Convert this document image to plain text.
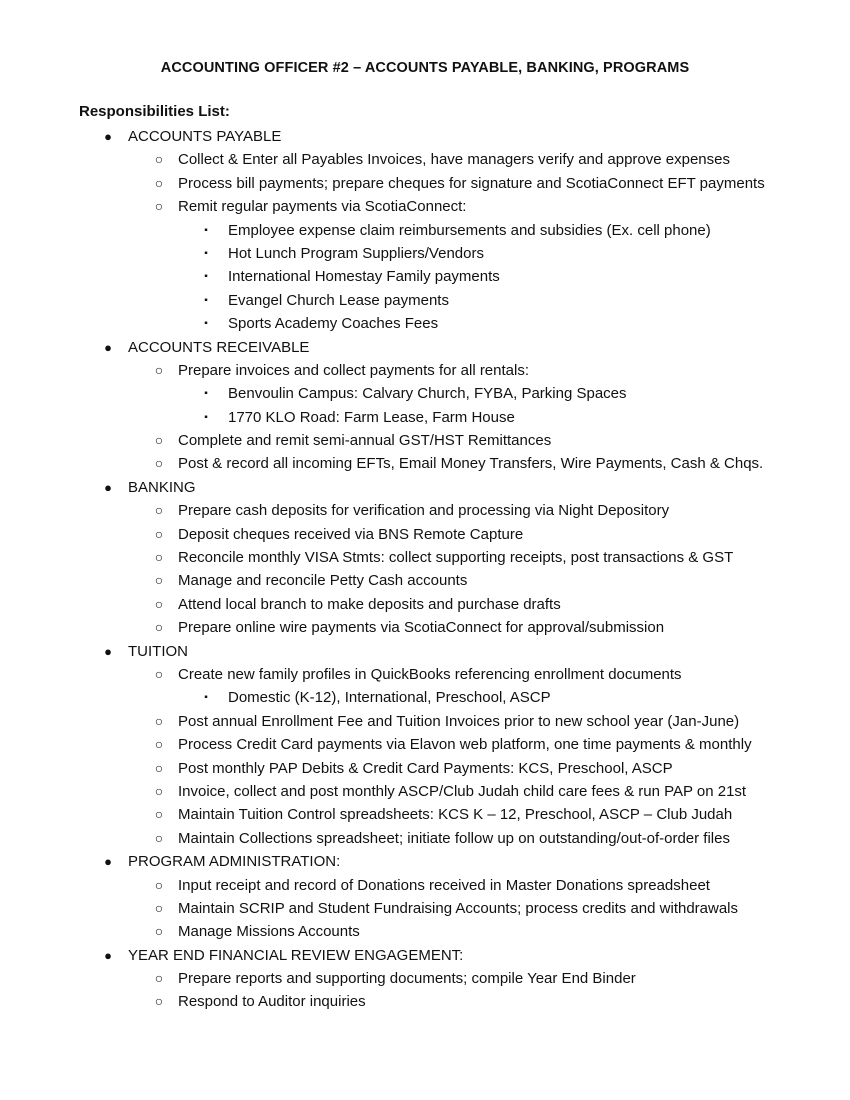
ACCOUNTING OFFICER #2 – ACCOUNTS PAYABLE, BANKING, PROGRAMS
Responsibilities List:
● ACCOUNTS PAYABLE
○ Collect & Enter all Payables Invoices, have managers verify and approve expenses
○ Process bill payments; prepare cheques for signature and ScotiaConnect EFT payments
○ Remit regular payments via ScotiaConnect:
▪	Employee expense claim reimbursements and subsidies (Ex. cell phone)
▪	Hot Lunch Program Suppliers/Vendors
▪	International Homestay Family payments
▪	Evangel Church Lease payments
▪	Sports Academy Coaches Fees
● ACCOUNTS RECEIVABLE
○ Prepare invoices and collect payments for all rentals:
▪	Benvoulin Campus: Calvary Church, FYBA, Parking Spaces
▪	1770 KLO Road: Farm Lease, Farm House
○ Complete and remit semi-annual GST/HST Remittances
○ Post & record all incoming EFTs, Email Money Transfers, Wire Payments, Cash & Chqs.
● BANKING
○ Prepare cash deposits for verification and processing via Night Depository
○ Deposit cheques received via BNS Remote Capture
○ Reconcile monthly VISA Stmts: collect supporting receipts, post transactions & GST
○ Manage and reconcile Petty Cash accounts
○ Attend local branch to make deposits and purchase drafts
○ Prepare online wire payments via ScotiaConnect for approval/submission
● TUITION
○ Create new family profiles in QuickBooks referencing enrollment documents
▪	Domestic (K-12), International, Preschool, ASCP
○ Post annual Enrollment Fee and Tuition Invoices prior to new school year (Jan-June)
○ Process Credit Card payments via Elavon web platform, one time payments & monthly
○ Post monthly PAP Debits & Credit Card Payments: KCS, Preschool, ASCP
○ Invoice, collect and post monthly ASCP/Club Judah child care fees & run PAP on 21st
○ Maintain Tuition Control spreadsheets: KCS K – 12, Preschool, ASCP – Club Judah
○ Maintain Collections spreadsheet; initiate follow up on outstanding/out-of-order files
● PROGRAM ADMINISTRATION:
○ Input receipt and record of Donations received in Master Donations spreadsheet
○ Maintain SCRIP and Student Fundraising Accounts; process credits and withdrawals
○ Manage Missions Accounts
● YEAR END FINANCIAL REVIEW ENGAGEMENT:
○ Prepare reports and supporting documents; compile Year End Binder
○ Respond to Auditor inquiries
